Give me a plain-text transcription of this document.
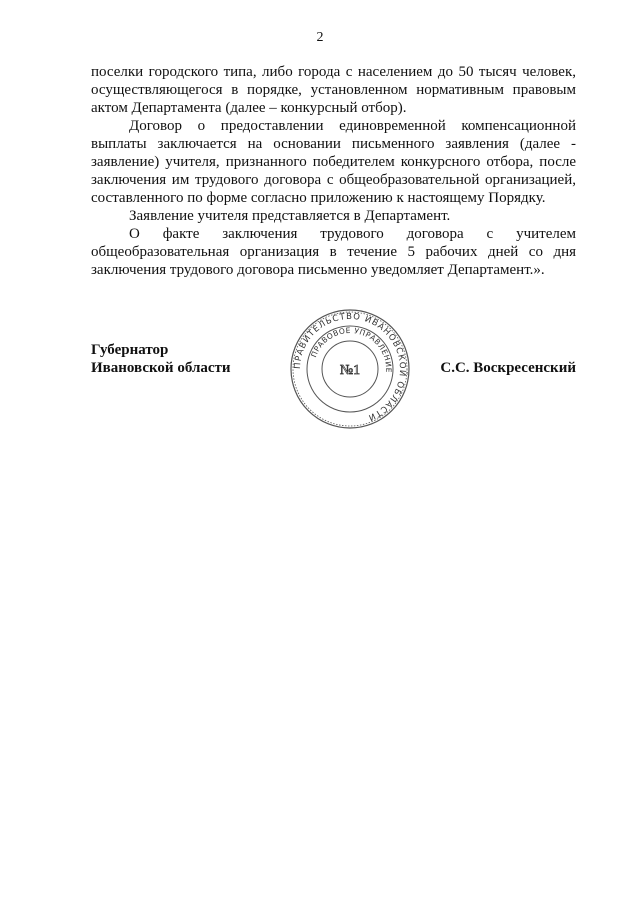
2

поселки городского типа, либо города с населением до 50 тысяч человек, осуществляющегося в порядке, установленном нормативным правовым актом Департамента (далее – конкурсный отбор).

Договор о предоставлении единовременной компенсационной выплаты заключается на основании письменного заявления (далее - заявление) учителя, признанного победителем конкурсного отбора, после заключения им трудового договора с общеобразовательной организацией, составленного по форме согласно приложению к настоящему Порядку.

Заявление учителя представляется в Департамент.

О факте заключения трудового договора с учителем общеобразовательная организация в течение 5 рабочих дней со дня заключения трудового договора письменно уведомляет Департамент.».

Губернатор
Ивановской области	С.С. Воскресенский
ПРАВИТЕЛЬСТВО ИВАНОВСКОЙ ОБЛАСТИ
ПРАВОВОЕ УПРАВЛЕНИЕ
№1
